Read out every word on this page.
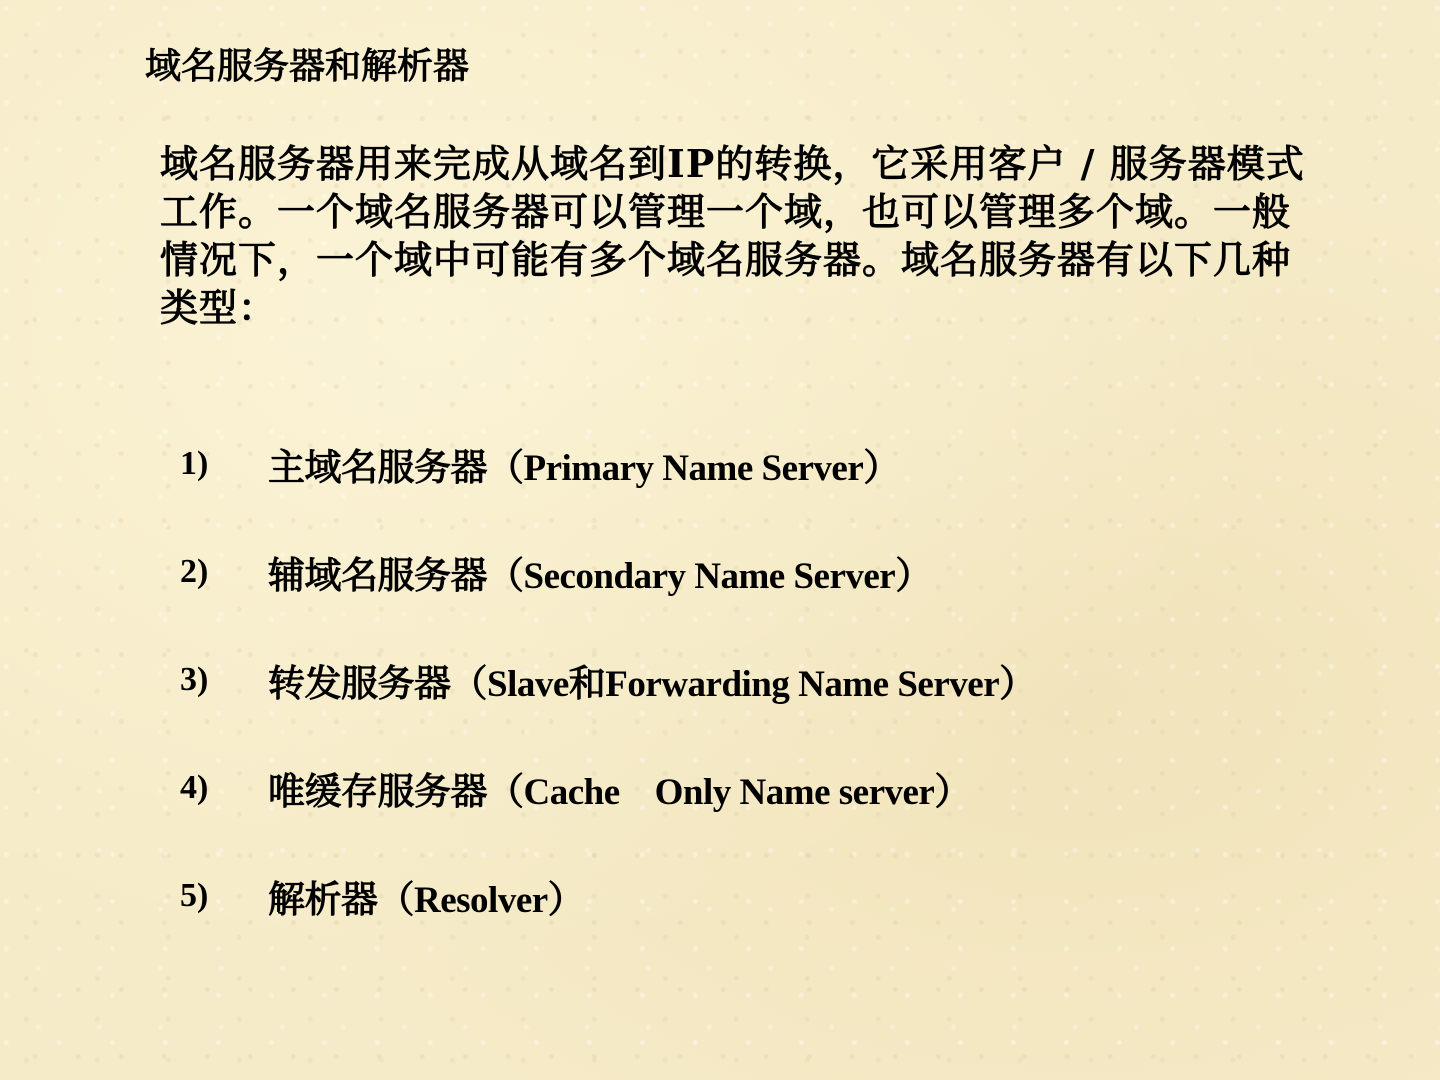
域名服务器和解析器
域名服务器用来完成从域名到IP的转换，它采用客户 / 服务器模式
工作。一个域名服务器可以管理一个域，也可以管理多个域。一般
情况下，一个域中可能有多个域名服务器。域名服务器有以下几种
类型：
1)	主域名服务器（Primary Name Server）
2)	辅域名服务器（Secondary Name Server）
3)	转发服务器（Slave和Forwarding Name Server）
4)	唯缓存服务器（Cache    Only Name server）
5)	解析器（Resolver）
